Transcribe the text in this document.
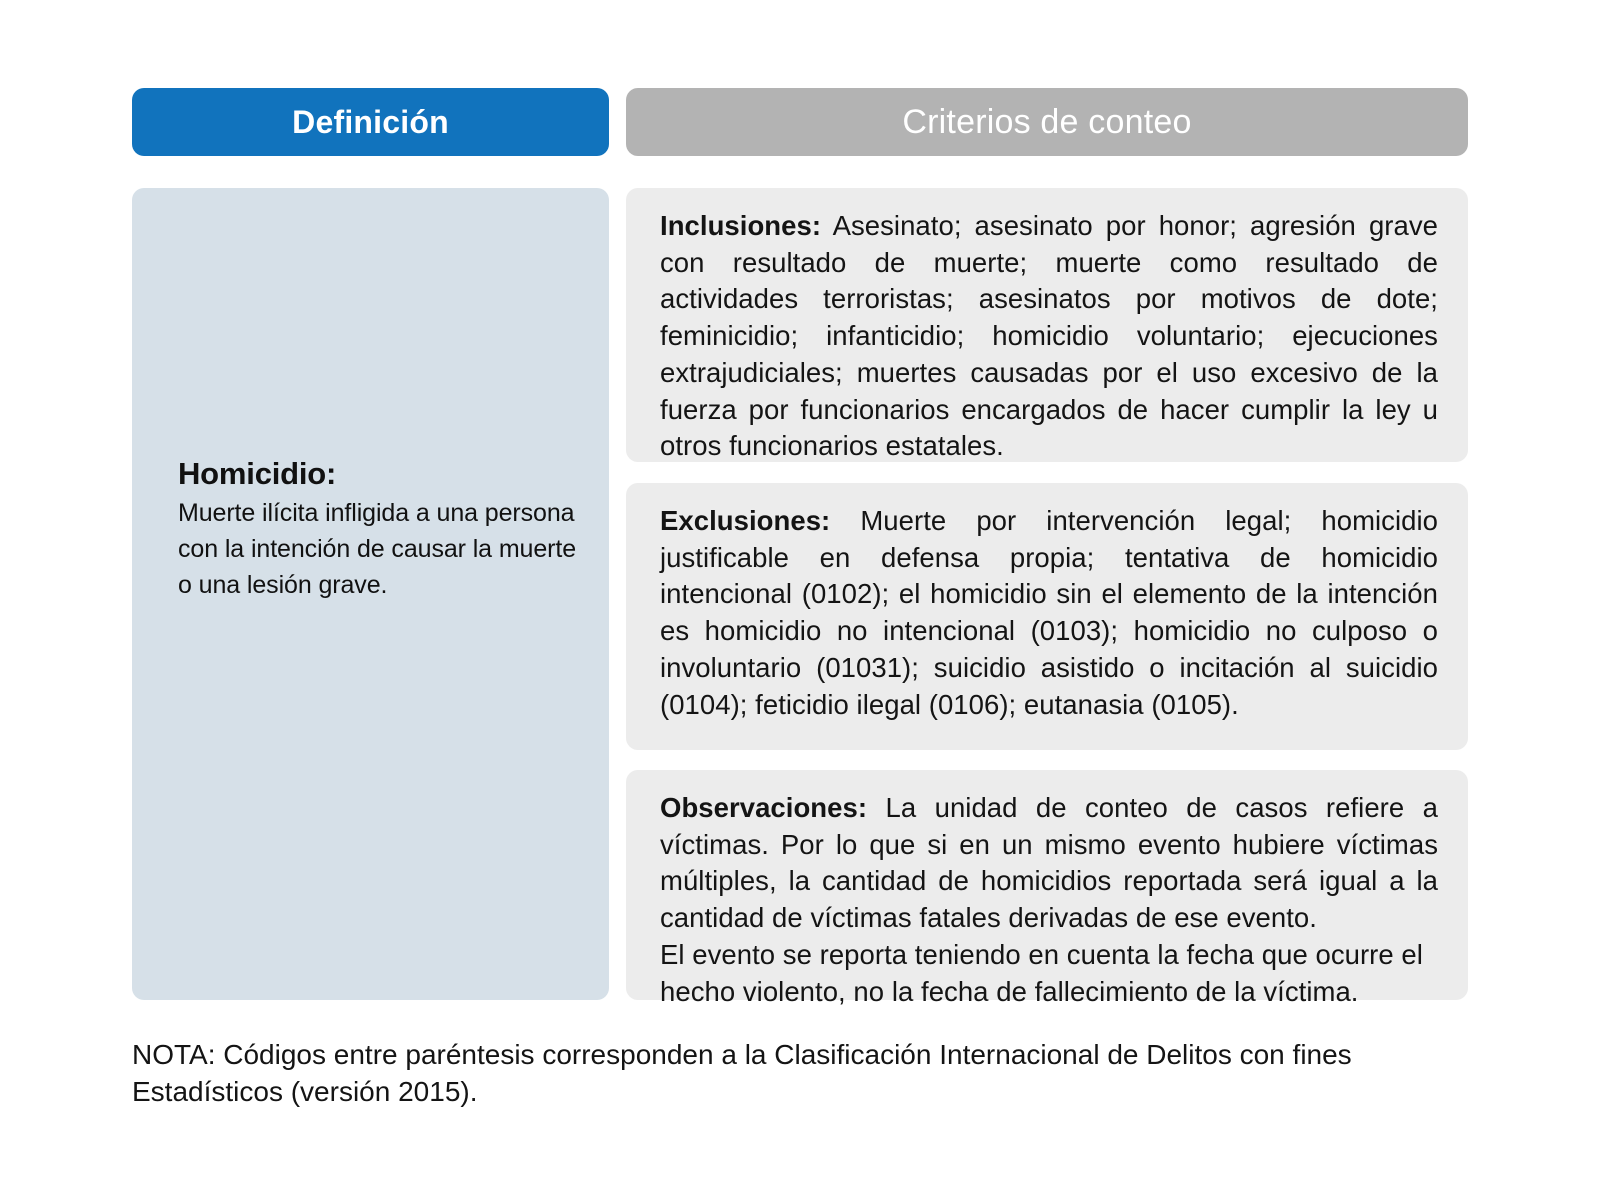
Definición	Criterios de conteo

Homicidio:

Muerte ilícita infligida a una persona con la intención de causar la muerte o una lesión grave.

Inclusiones: Asesinato; asesinato por honor; agresión grave con resultado de muerte; muerte como resultado de actividades terroristas; asesinatos por motivos de dote; feminicidio; infanticidio; homicidio voluntario; ejecuciones extrajudiciales; muertes causadas por el uso excesivo de la fuerza por funcionarios encargados de hacer cumplir la ley u otros funcionarios estatales.

Exclusiones: Muerte por intervención legal; homicidio justificable en defensa propia; tentativa de homicidio intencional (0102); el homicidio sin el elemento de la intención es homicidio no intencional (0103); homicidio no culposo o involuntario (01031); suicidio asistido o incitación al suicidio (0104); feticidio ilegal (0106); eutanasia (0105).

Observaciones: La unidad de conteo de casos refiere a víctimas. Por lo que si en un mismo evento hubiere víctimas múltiples, la cantidad de homicidios reportada será igual a la cantidad de víctimas fatales derivadas de ese evento.

El evento se reporta teniendo en cuenta la fecha que ocurre el hecho violento, no la fecha de fallecimiento de la víctima.

NOTA: Códigos entre paréntesis corresponden a la Clasificación Internacional de Delitos con fines Estadísticos (versión 2015).
